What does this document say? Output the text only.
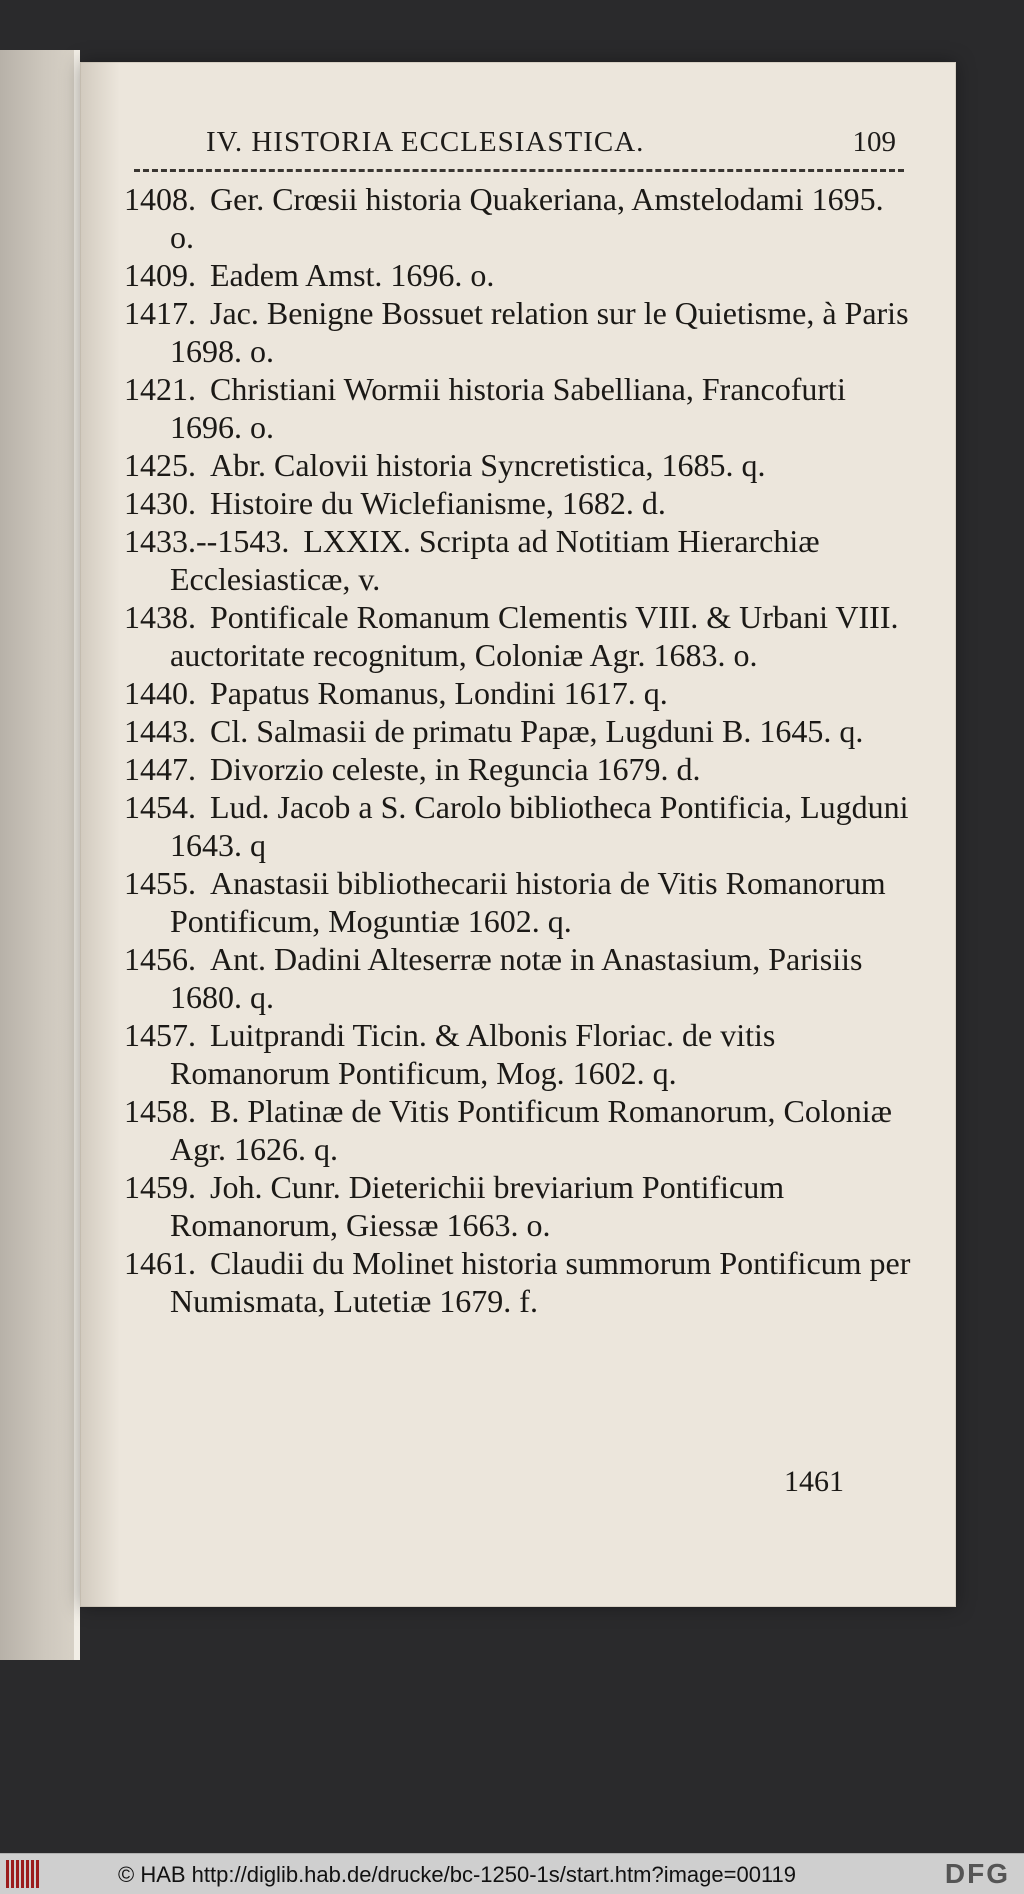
IV. HISTORIA ECCLESIASTICA.	109

1408. Ger. Crœsii historia Quakeriana, Amstelodami 1695. o.

1409. Eadem Amst. 1696. o.

1417. Jac. Benigne Bossuet relation sur le Quietisme, à Paris 1698. o.

1421. Christiani Wormii historia Sabelliana, Francofurti 1696. o.

1425. Abr. Calovii historia Syncretistica, 1685. q.

1430. Histoire du Wiclefianisme, 1682. d.

1433.--1543. LXXIX. Scripta ad Notitiam Hierarchiæ Ecclesiasticæ, v.

1438. Pontificale Romanum Clementis VIII. & Urbani VIII. auctoritate recognitum, Coloniæ Agr. 1683. o.

1440. Papatus Romanus, Londini 1617. q.

1443. Cl. Salmasii de primatu Papæ, Lugduni B. 1645. q.

1447. Divorzio celeste, in Reguncia 1679. d.

1454. Lud. Jacob a S. Carolo bibliotheca Pontificia, Lugduni 1643. q

1455. Anastasii bibliothecarii historia de Vitis Romanorum Pontificum, Moguntiæ 1602. q.

1456. Ant. Dadini Alteserræ notæ in Anastasium, Parisiis 1680. q.

1457. Luitprandi Ticin. & Albonis Floriac. de vitis Romanorum Pontificum, Mog. 1602. q.

1458. B. Platinæ de Vitis Pontificum Romanorum, Coloniæ Agr. 1626. q.

1459. Joh. Cunr. Dieterichii breviarium Pontificum Romanorum, Giessæ 1663. o.

1461. Claudii du Molinet historia summorum Pontificum per Numismata, Lutetiæ 1679. f.

1461
© HAB http://diglib.hab.de/drucke/bc-1250-1s/start.htm?image=00119	DFG
